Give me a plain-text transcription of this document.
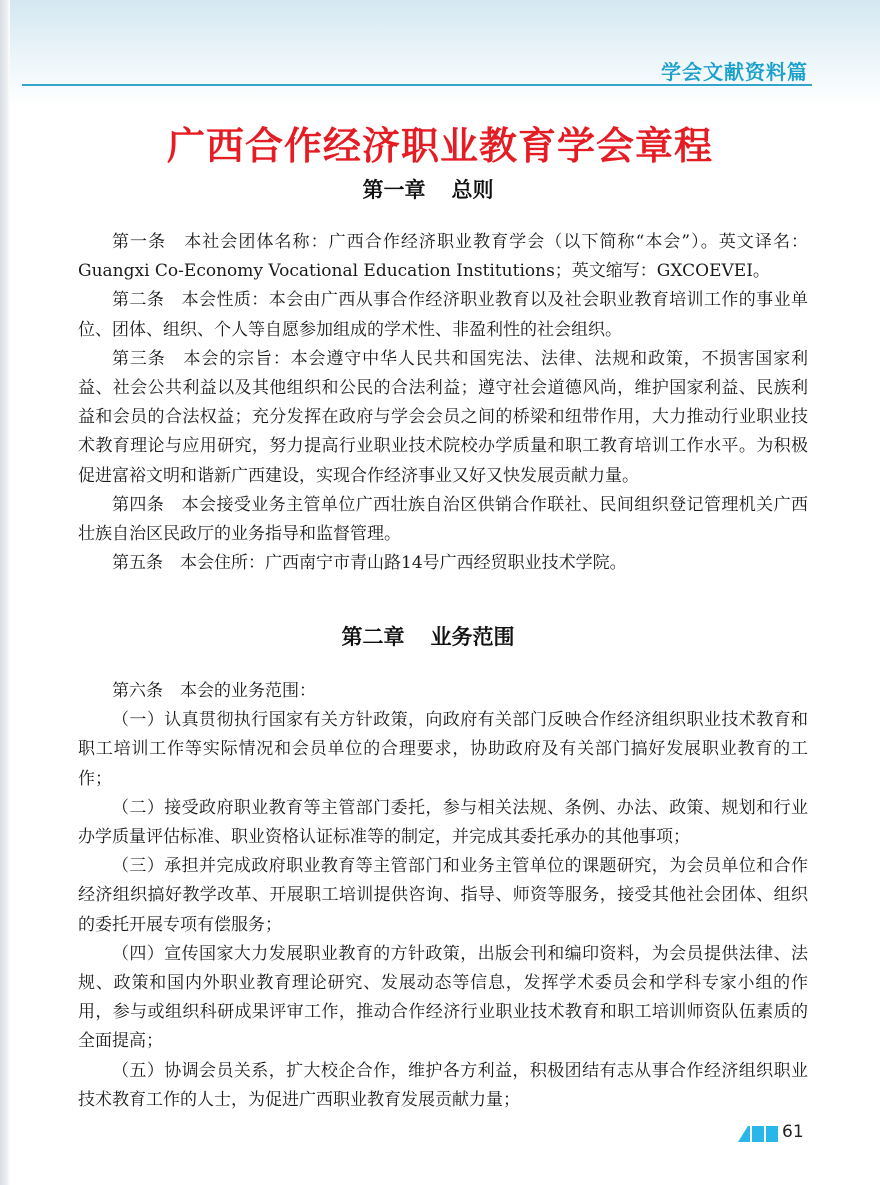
学会文献资料篇
广西合作经济职业教育学会章程
第一章 总则

第一条 本社会团体名称：广西合作经济职业教育学会（以下简称“本会”）。英文译名：Guangxi Co-Economy Vocational Education Institutions；英文缩写：GXCOEVEI。

第二条 本会性质：本会由广西从事合作经济职业教育以及社会职业教育培训工作的事业单位、团体、组织、个人等自愿参加组成的学术性、非盈利性的社会组织。

第三条 本会的宗旨：本会遵守中华人民共和国宪法、法律、法规和政策，不损害国家利益、社会公共利益以及其他组织和公民的合法利益；遵守社会道德风尚，维护国家利益、民族利益和会员的合法权益；充分发挥在政府与学会会员之间的桥梁和纽带作用，大力推动行业职业技术教育理论与应用研究，努力提高行业职业技术院校办学质量和职工教育培训工作水平。为积极促进富裕文明和谐新广西建设，实现合作经济事业又好又快发展贡献力量。

第四条 本会接受业务主管单位广西壮族自治区供销合作联社、民间组织登记管理机关广西壮族自治区民政厅的业务指导和监督管理。

第五条 本会住所：广西南宁市青山路14号广西经贸职业技术学院。

第二章 业务范围

第六条 本会的业务范围：

（一）认真贯彻执行国家有关方针政策，向政府有关部门反映合作经济组织职业技术教育和职工培训工作等实际情况和会员单位的合理要求，协助政府及有关部门搞好发展职业教育的工作；

（二）接受政府职业教育等主管部门委托，参与相关法规、条例、办法、政策、规划和行业办学质量评估标准、职业资格认证标准等的制定，并完成其委托承办的其他事项；

（三）承担并完成政府职业教育等主管部门和业务主管单位的课题研究，为会员单位和合作经济组织搞好教学改革、开展职工培训提供咨询、指导、师资等服务，接受其他社会团体、组织的委托开展专项有偿服务；

（四）宣传国家大力发展职业教育的方针政策，出版会刊和编印资料，为会员提供法律、法规、政策和国内外职业教育理论研究、发展动态等信息，发挥学术委员会和学科专家小组的作用，参与或组织科研成果评审工作，推动合作经济行业职业技术教育和职工培训师资队伍素质的全面提高；

（五）协调会员关系，扩大校企合作，维护各方利益，积极团结有志从事合作经济组织职业技术教育工作的人士，为促进广西职业教育发展贡献力量；

61
